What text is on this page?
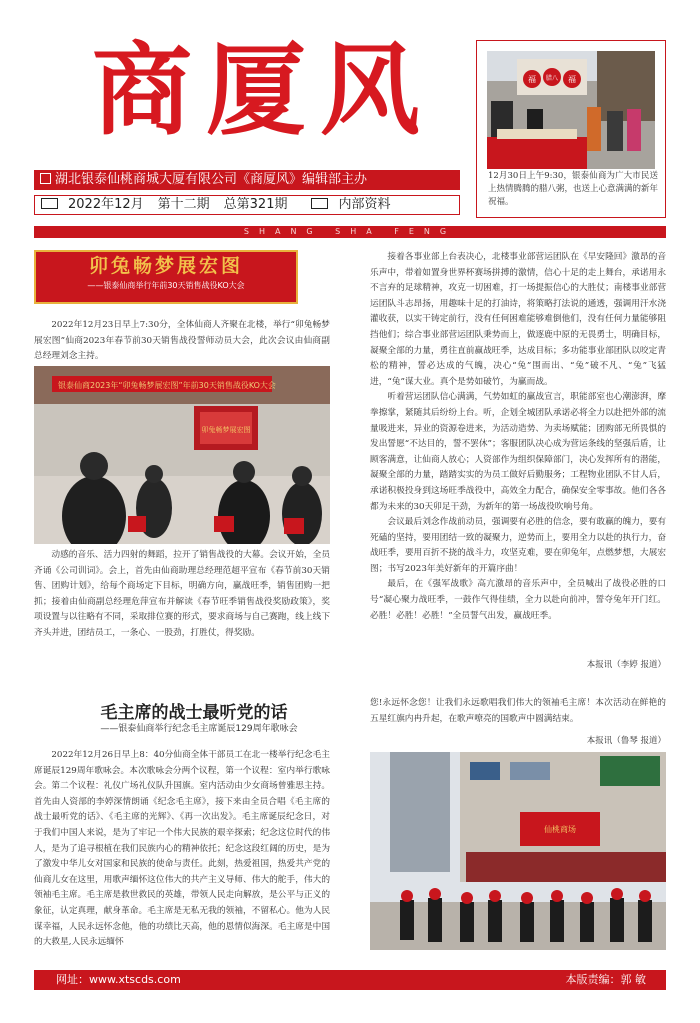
商厦风
湖北银泰仙桃商城大厦有限公司《商厦风》编辑部主办
2022年12月	第十二期	总第321期	内部资料
福 腊八 福
12月30日上午9:30，银泰仙商为广大市民送上热情腾腾的腊八粥，也送上心意满满的新年祝福。
SHANG SHA FENG
卯兔畅梦展宏图
——银泰仙商举行年前30天销售战役KO大会

2022年12月23日早上7:30分，全体仙商人齐聚在北楼，举行“卯兔畅梦展宏图”仙商2023年春节前30天销售战役誓师动员大会，此次会议由仙商副总经理刘念主持。

银泰仙商2023年“卯兔畅梦展宏图”年前30天销售战役KO大会
卯兔畅梦展宏图

动感的音乐、活力四射的舞蹈，拉开了销售战役的大幕。会议开始，全员齐诵《公司训词》。会上，首先由仙商助理总经理范超平宣布《春节前30天销售、团购计划》，给每个商场定下目标，明确方向，赢战旺季，销售团购一把抓；接着由仙商副总经理危萍宣布并解读《春节旺季销售战役奖励政策》，奖项设置与以往略有不同，采取排位赛的形式，要求商场与自己赛跑，线上线下齐头并进，团结员工，一条心、一股劲，打胜仗，得奖励。

接着各事业部上台表决心，北楼事业部营运团队在《早安隆回》激昂的音乐声中，带着如置身世界杯赛场拼搏的激情，信心十足的走上舞台，承诺用永不言弃的足球精神，攻克一切困难，打一场提振信心的大胜仗；南楼事业部营运团队斗志昂扬，用趣味十足的打油诗，将策略打法说的通透，强调用汗水浇灌收获，以实干铸定前行，没有任何困难能够难倒他们，没有任何力量能够阻挡他们；综合事业部营运团队秉势而上，做逐鹿中原的无畏勇士，明确目标，凝聚全部的力量，勇往直前赢战旺季，达成目标；多功能事业部团队以咬定青松的精神，誓必达成的气魄，决心“兔”围而出、“兔”破不凡、“兔”飞猛进，“兔”谋大业。真个是势如破竹，为赢而战。

听着营运团队信心满满，气势如虹的赢战宣言，职能部室也心潮澎湃，摩拳擦掌，紧随其后纷纷上台。听，企划全城团队承诺必将全力以赴把外部的流量吸进来，异业的资源卷进来，为活动造势、为卖场赋能；团购部无所畏惧的发出誓愿“不达目的，誓不罢休”；客服团队决心成为营运条线的坚强后盾，让顾客满意，让仙商人放心；人资部作为组织保障部门，决心发挥所有的潜能，凝聚全部的力量，踏踏实实的为员工做好后勤服务；工程物业团队不甘人后，承诺积极投身到这场旺季战役中，高效全力配合，确保安全零事故。他们各各都为未来的30天卯足干劲，为新年的第一场战役吹响号角。

会议最后刘念作战前动员，强调要有必胜的信念，要有敢赢的魄力，要有死磕的坚持，要用团结一致的凝聚力，逆势而上，要用全力以赴的执行力，奋战旺季，要用百折不挠的战斗力，攻坚克难，要在卯兔年，点燃梦想，大展宏图；书写2023年美好新年的开篇序曲！

最后，在《强军战歌》高亢激昂的音乐声中，全员喊出了战役必胜的口号“凝心聚力战旺季，一鼓作气得佳绩，全力以赴向前冲，誓夺兔年开门红。必胜！必胜！必胜！”全员誓气出发，赢战旺季。

本报讯（李婷 报道）
毛主席的战士最听党的话
——银泰仙商举行纪念毛主席诞辰129周年歌咏会

2022年12月26日早上8：40分仙商全体干部员工在北一楼举行纪念毛主席诞辰129周年歌咏会。本次歌咏会分两个议程，第一个议程：室内举行歌咏会。第二个议程：礼仪广场礼仪队升国旗。室内活动由少女商场曾雅思主持。首先由人资部的李婷深情朗诵《纪念毛主席》，接下来由全员合唱《毛主席的战士最听党的话》、《毛主席的光辉》、《再一次出发》。毛主席诞辰纪念日，对于我们中国人来说，是为了牢记一个伟大民族的艰辛探索；纪念这位时代的伟人，是为了追寻根植在我们民族内心的精神依托；纪念这段红阔的历史，是为了激发中华儿女对国家和民族的使命与责任。此刻，热爱祖国，热爱共产党的仙商儿女在这里，用歌声缅怀这位伟大的共产主义导师、伟大的舵手，伟大的领袖毛主席。毛主席是救世救民的英雄，带领人民走向解放，是公平与正义的象征，认定真理，献身革命。毛主席是无私无我的领袖，不留私心。他为人民谋幸福，人民永远怀念他，他的功绩比天高，他的恩情似海深。毛主席是中国的大救星,人民永远缅怀

您!永远怀念您！让我们永远歌唱我们伟大的领袖毛主席！本次活动在鲜艳的五星红旗内冉升起，在歌声嘹亮的国歌声中圆满结束。

本报讯（鲁琴 报道）
仙桃商场
网址：www.xtscds.com	本版责编：郭 敏
